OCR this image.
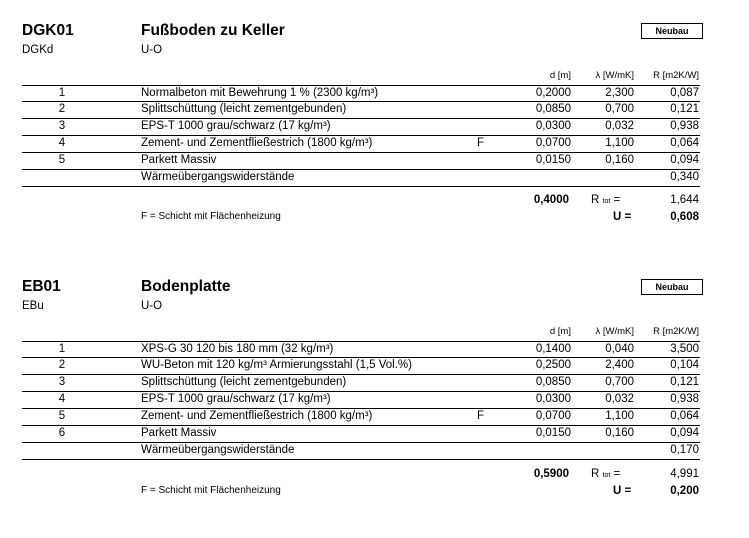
DGK01	Fußboden zu Keller
DGKd	U-O
Neubau
d [m]	λ [W/mK]	R [m2K/W]
1	Normalbeton mit Bewehrung 1 % (2300 kg/m³)	0,2000	2,300	0,087
2	Splittschüttung (leicht zementgebunden)	0,0850	0,700	0,121
3	EPS-T 1000 grau/schwarz (17 kg/m³)	0,0300	0,032	0,938
4	Zement- und Zementfließestrich (1800 kg/m³)	F	0,0700	1,100	0,064
5	Parkett Massiv	0,0150	0,160	0,094
Wärmeübergangswiderstände	0,340
0,4000 R tot =	1,644
F = Schicht mit Flächenheizung	U =	0,608
EB01	Bodenplatte
EBu	U-O
Neubau
d [m]	λ [W/mK]	R [m2K/W]
1	XPS-G 30 120 bis 180 mm (32 kg/m³)	0,1400	0,040	3,500
2	WU-Beton mit 120 kg/m³ Armierungsstahl (1,5 Vol.%)	0,2500	2,400	0,104
3	Splittschüttung (leicht zementgebunden)	0,0850	0,700	0,121
4	EPS-T 1000 grau/schwarz (17 kg/m³)	0,0300	0,032	0,938
5	Zement- und Zementfließestrich (1800 kg/m³)	F	0,0700	1,100	0,064
6	Parkett Massiv	0,0150	0,160	0,094
Wärmeübergangswiderstände	0,170
0,5900 R tot =	4,991
F = Schicht mit Flächenheizung	U =	0,200
